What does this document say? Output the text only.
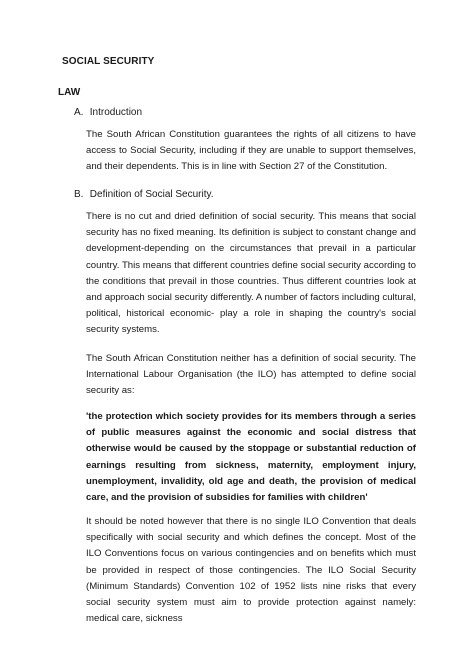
SOCIAL SECURITY
LAW
A. Introduction

The South African Constitution guarantees the rights of all citizens to have access to Social Security, including if they are unable to support themselves, and their dependents. This is in line with Section 27 of the Constitution.

B. Definition of Social Security.

There is no cut and dried definition of social security. This means that social security has no fixed meaning. Its definition is subject to constant change and development-depending on the circumstances that prevail in a particular country. This means that different countries define social security according to the conditions that prevail in those countries. Thus different countries look at and approach social security differently. A number of factors including cultural, political, historical economic- play a role in shaping the country's social security systems.

The South African Constitution neither has a definition of social security. The International Labour Organisation (the ILO) has attempted to define social security as:

'the protection which society provides for its members through a series of public measures against the economic and social distress that otherwise would be caused by the stoppage or substantial reduction of earnings resulting from sickness, maternity, employment injury, unemployment, invalidity, old age and death, the provision of medical care, and the provision of subsidies for families with children'

It should be noted however that there is no single ILO Convention that deals specifically with social security and which defines the concept. Most of the ILO Conventions focus on various contingencies and on benefits which must be provided in respect of those contingencies. The ILO Social Security (Minimum Standards) Convention 102 of 1952 lists nine risks that every social security system must aim to provide protection against namely: medical care, sickness
